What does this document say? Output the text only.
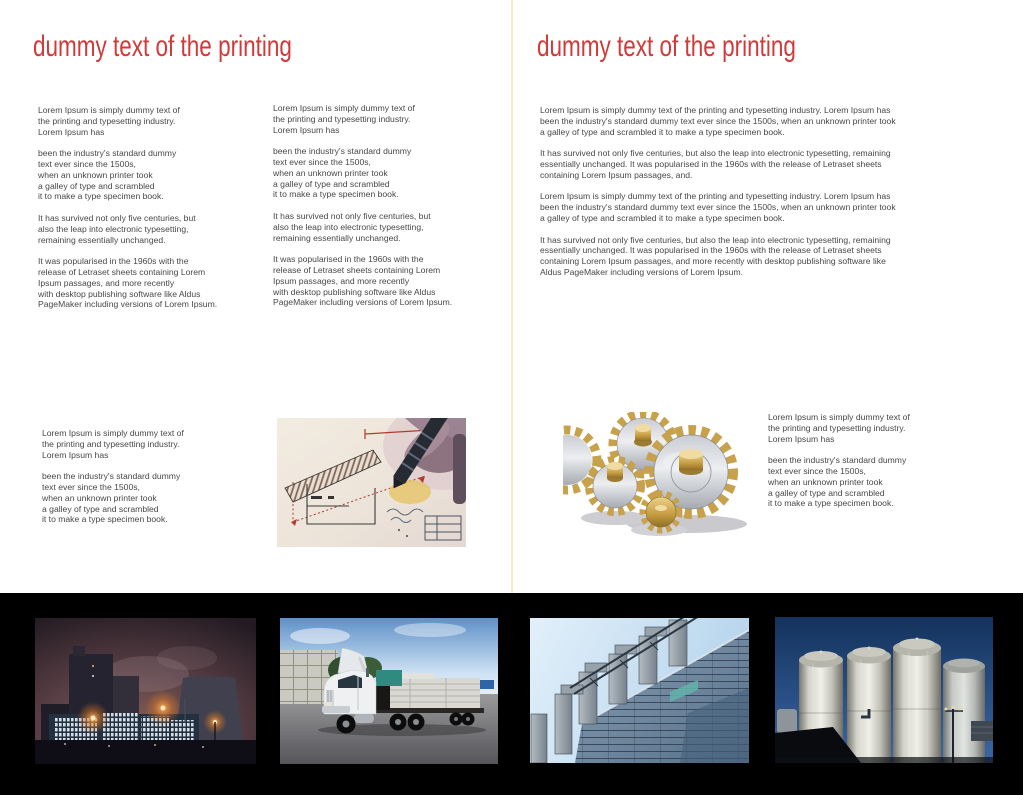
dummy text of the printing

Lorem Ipsum is simply dummy text of
the printing and typesetting industry.
Lorem Ipsum has

been the industry's standard dummy
text ever since the 1500s,
when an unknown printer took
a galley of type and scrambled
it to make a type specimen book.

It has survived not only five centuries, but
also the leap into electronic typesetting,
remaining essentially unchanged.

It was popularised in the 1960s with the
release of Letraset sheets containing Lorem
Ipsum passages, and more recently
with desktop publishing software like Aldus
PageMaker including versions of Lorem Ipsum.

Lorem Ipsum is simply dummy text of
the printing and typesetting industry.
Lorem Ipsum has

been the industry's standard dummy
text ever since the 1500s,
when an unknown printer took
a galley of type and scrambled
it to make a type specimen book.

It has survived not only five centuries, but
also the leap into electronic typesetting,
remaining essentially unchanged.

It was popularised in the 1960s with the
release of Letraset sheets containing Lorem
Ipsum passages, and more recently
with desktop publishing software like Aldus
PageMaker including versions of Lorem Ipsum.

Lorem Ipsum is simply dummy text of
the printing and typesetting industry.
Lorem Ipsum has

been the industry's standard dummy
text ever since the 1500s,
when an unknown printer took
a galley of type and scrambled
it to make a type specimen book.

dummy text of the printing

Lorem Ipsum is simply dummy text of the printing and typesetting industry. Lorem Ipsum has
been the industry's standard dummy text ever since the 1500s, when an unknown printer took
a galley of type and scrambled it to make a type specimen book.

It has survived not only five centuries, but also the leap into electronic typesetting, remaining
essentially unchanged. It was popularised in the 1960s with the release of Letraset sheets
containing Lorem Ipsum passages, and.

Lorem Ipsum is simply dummy text of the printing and typesetting industry. Lorem Ipsum has
been the industry's standard dummy text ever since the 1500s, when an unknown printer took
a galley of type and scrambled it to make a type specimen book.

It has survived not only five centuries, but also the leap into electronic typesetting, remaining
essentially unchanged. It was popularised in the 1960s with the release of Letraset sheets
containing Lorem Ipsum passages, and more recently with desktop publishing software like
Aldus PageMaker including versions of Lorem Ipsum.

Lorem Ipsum is simply dummy text of
the printing and typesetting industry.
Lorem Ipsum has

been the industry's standard dummy
text ever since the 1500s,
when an unknown printer took
a galley of type and scrambled
it to make a type specimen book.
